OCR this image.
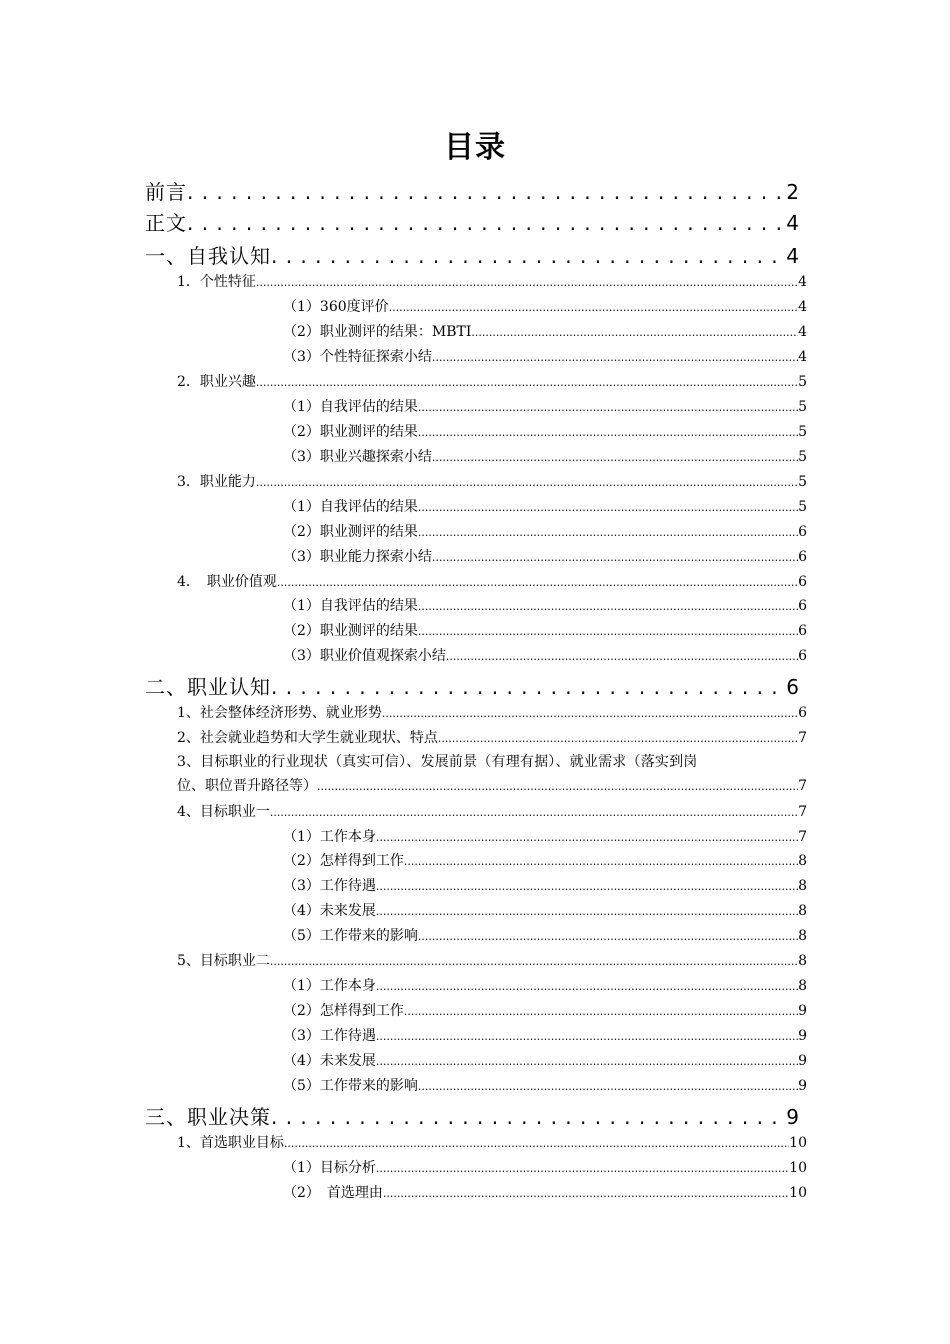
目录
前言 . . .	2
正文 . . .	4
一、自我认知 . . .	4
1．个性特征 .....	4
（1）360度评价 .....	4
（2）职业测评的结果：MBTI .....	4
（3）个性特征探索小结 .....	4
2．职业兴趣 .....	5
（1）自我评估的结果 .....	5
（2）职业测评的结果 .....	5
（3）职业兴趣探索小结 .....	5
3．职业能力 .....	5
（1）自我评估的结果 .....	5
（2）职业测评的结果 .....	6
（3）职业能力探索小结 .....	6
4．　职业价值观 .....	6
（1）自我评估的结果 .....	6
（2）职业测评的结果 .....	6
（3）职业价值观探索小结 .....	6
二、职业认知 . . .	6
1、社会整体经济形势、就业形势 .....	6
2、社会就业趋势和大学生就业现状、特点 .....	7
3、目标职业的行业现状（真实可信）、发展前景（有理有据）、就业需求（落实到岗
位、职位晋升路径等） .....	7
4、目标职业一 .....	7
（1）工作本身 .....	7
（2）怎样得到工作 .....	8
（3）工作待遇 .....	8
（4）未来发展 .....	8
（5）工作带来的影响 .....	8
5、目标职业二 .....	8
（1）工作本身 .....	8
（2）怎样得到工作 .....	9
（3）工作待遇 .....	9
（4）未来发展 .....	9
（5）工作带来的影响 .....	9
三、职业决策 . . .	9
1、首选职业目标 .....	10
（1）目标分析 .....	10
（2）　首选理由 .....	10
